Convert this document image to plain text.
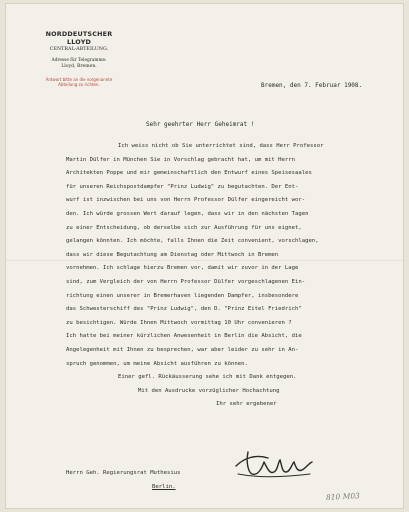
NORDDEUTSCHER LLOYD
CENTRAL-ABTEILUNG.
Adresse für Telegramme:
Lloyd, Bremen.
Antwort bitte an die vorgenannte
Abteilung zu richten.	Bremen, den 7. Februar 1908.
Sehr geehrter Herr Geheimrat !
Ich weiss nicht ob Sie unterrichtet sind, dass Herr Professor
Martin Dülfer in München Sie in Vorschlag gebracht hat, um mit Herrn
Architekten Poppe und mir gemeinschaftlich den Entwurf eines Speisesaales
für unseren Reichspostdampfer "Prinz Ludwig" zu begutachten. Der Ent-
wurf ist inzwischen bei uns von Herrn Professor Dülfer eingereicht wor-
den. Ich würde grossen Wert darauf legen, dass wir in den nächsten Tagen
zu einer Entscheidung, ob derselbe sich zur Ausführung für uns eignet,
gelangen könnten. Ich möchte, falls Ihnen die Zeit convenient, vorschlagen,
dass wir diese Begutachtung am Dienstag oder Mittwoch in Bremen
vornehmen. Ich schlage hierzu Bremen vor, damit wir zuvor in der Lage
sind, zum Vergleich der von Herrn Professor Dülfer vorgeschlagenen Ein-
richtung einen unserer in Bremerhaven liegenden Dampfer, insbesondere
das Schwesterschiff des "Prinz Ludwig", den D. "Prinz Eitel Friedrich"
zu besichtigen. Würde Ihnen Mittwoch vormittag 10 Uhr convenieren ?
Ich hatte bei meiner kürzlichen Anwesenheit in Berlin die Absicht, die
Angelegenheit mit Ihnen zu besprechen, war aber leider zu sehr in An-
spruch genommen, um meine Absicht ausführen zu können.
Einer gefl. Rückäusserung sehe ich mit Dank entgegen.
Mit den Ausdrucke vorzüglicher Hochachtung
Ihr sehr ergebener
Herrn Geh. Regierungsrat Muthesius
Berlin.
810 M03
